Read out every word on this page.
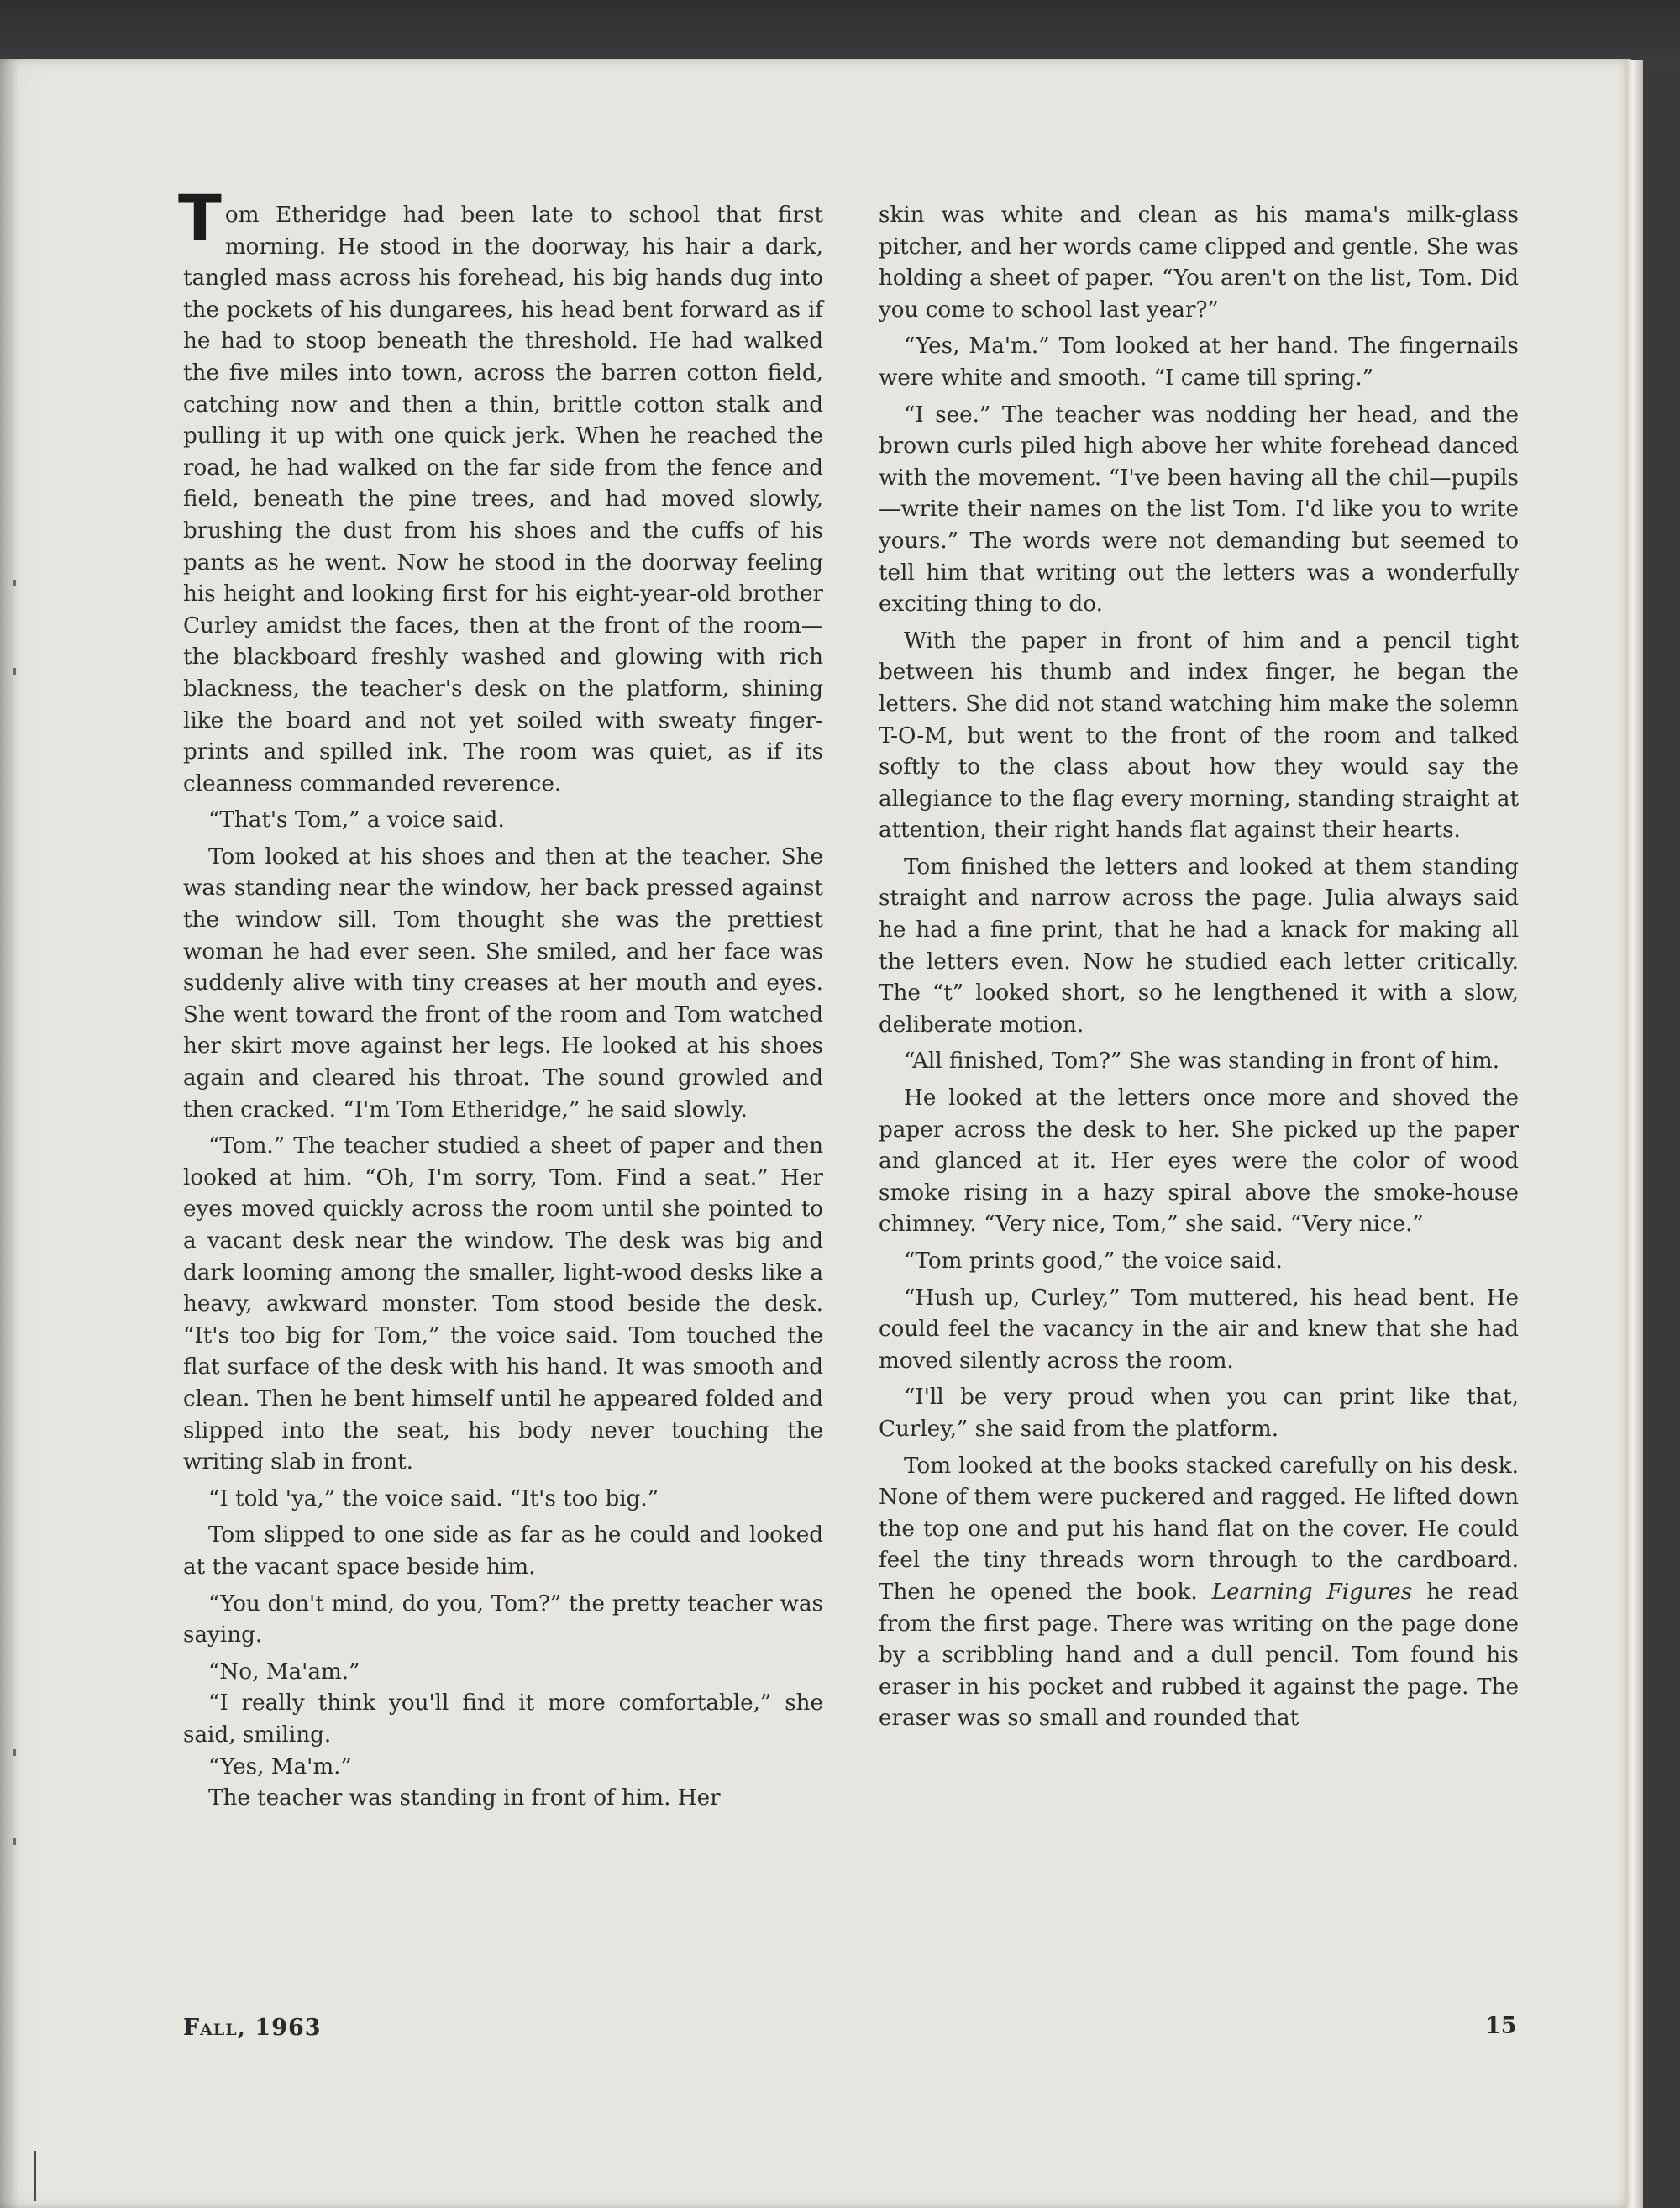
Tom Etheridge had been late to school that first morning. He stood in the doorway, his hair a dark, tangled mass across his forehead, his big hands dug into the pockets of his dungarees, his head bent forward as if he had to stoop beneath the threshold. He had walked the five miles into town, across the barren cotton field, catching now and then a thin, brittle cotton stalk and pulling it up with one quick jerk. When he reached the road, he had walked on the far side from the fence and field, beneath the pine trees, and had moved slowly, brushing the dust from his shoes and the cuffs of his pants as he went. Now he stood in the doorway feeling his height and looking first for his eight-year-old brother Curley amidst the faces, then at the front of the room—the blackboard freshly washed and glowing with rich blackness, the teacher's desk on the platform, shining like the board and not yet soiled with sweaty fingerprints and spilled ink. The room was quiet, as if its cleanness commanded reverence.

“That's Tom,” a voice said.

Tom looked at his shoes and then at the teacher. She was standing near the window, her back pressed against the window sill. Tom thought she was the prettiest woman he had ever seen. She smiled, and her face was suddenly alive with tiny creases at her mouth and eyes. She went toward the front of the room and Tom watched her skirt move against her legs. He looked at his shoes again and cleared his throat. The sound growled and then cracked. “I'm Tom Etheridge,” he said slowly.

“Tom.” The teacher studied a sheet of paper and then looked at him. “Oh, I'm sorry, Tom. Find a seat.” Her eyes moved quickly across the room until she pointed to a vacant desk near the window. The desk was big and dark looming among the smaller, light-wood desks like a heavy, awkward monster. Tom stood beside the desk. “It's too big for Tom,” the voice said. Tom touched the flat surface of the desk with his hand. It was smooth and clean. Then he bent himself until he appeared folded and slipped into the seat, his body never touching the writing slab in front.

“I told 'ya,” the voice said. “It's too big.”

Tom slipped to one side as far as he could and looked at the vacant space beside him.

“You don't mind, do you, Tom?” the pretty teacher was saying.

“No, Ma'am.”

“I really think you'll find it more comfortable,” she said, smiling.

“Yes, Ma'm.”

The teacher was standing in front of him. Her

skin was white and clean as his mama's milk-glass pitcher, and her words came clipped and gentle. She was holding a sheet of paper. “You aren't on the list, Tom. Did you come to school last year?”

“Yes, Ma'm.” Tom looked at her hand. The fingernails were white and smooth. “I came till spring.”

“I see.” The teacher was nodding her head, and the brown curls piled high above her white forehead danced with the movement. “I've been having all the chil—pupils—write their names on the list Tom. I'd like you to write yours.” The words were not demanding but seemed to tell him that writing out the letters was a wonderfully exciting thing to do.

With the paper in front of him and a pencil tight between his thumb and index finger, he began the letters. She did not stand watching him make the solemn T-O-M, but went to the front of the room and talked softly to the class about how they would say the allegiance to the flag every morning, standing straight at attention, their right hands flat against their hearts.

Tom finished the letters and looked at them standing straight and narrow across the page. Julia always said he had a fine print, that he had a knack for making all the letters even. Now he studied each letter critically. The “t” looked short, so he lengthened it with a slow, deliberate motion.

“All finished, Tom?” She was standing in front of him.

He looked at the letters once more and shoved the paper across the desk to her. She picked up the paper and glanced at it. Her eyes were the color of wood smoke rising in a hazy spiral above the smoke-house chimney. “Very nice, Tom,” she said. “Very nice.”

“Tom prints good,” the voice said.

“Hush up, Curley,” Tom muttered, his head bent. He could feel the vacancy in the air and knew that she had moved silently across the room.

“I'll be very proud when you can print like that, Curley,” she said from the platform.

Tom looked at the books stacked carefully on his desk. None of them were puckered and ragged. He lifted down the top one and put his hand flat on the cover. He could feel the tiny threads worn through to the cardboard. Then he opened the book. Learning Figures he read from the first page. There was writing on the page done by a scribbling hand and a dull pencil. Tom found his eraser in his pocket and rubbed it against the page. The eraser was so small and rounded that

Fall, 1963	15
